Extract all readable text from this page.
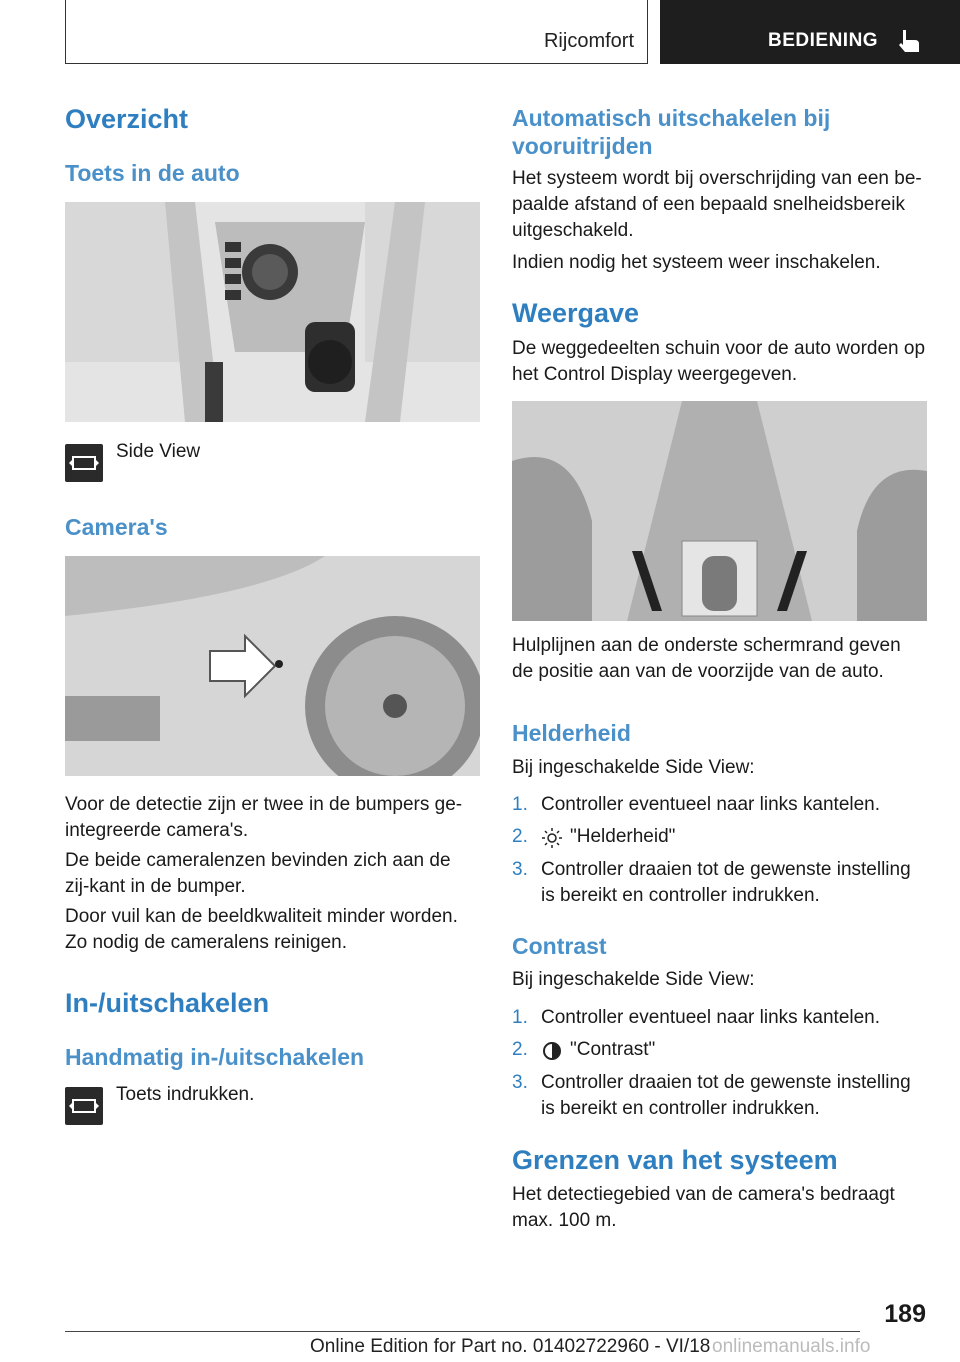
Rijcomfort	BEDIENING
Overzicht
Toets in de auto
Side View
Camera's
Voor de detectie zijn er twee in de bumpers ge-integreerde camera's.
De beide cameralenzen bevinden zich aan de zij-kant in de bumper.
Door vuil kan de beeldkwaliteit minder worden. Zo nodig de cameralens reinigen.
In-/uitschakelen
Handmatig in-/uitschakelen
Toets indrukken.
Automatisch uitschakelen bij vooruitrijden
Het systeem wordt bij overschrijding van een be-paalde afstand of een bepaald snelheidsbereik uitgeschakeld.
Indien nodig het systeem weer inschakelen.
Weergave
De weggedeelten schuin voor de auto worden op het Control Display weergegeven.
Hulplijnen aan de onderste schermrand geven de positie aan van de voorzijde van de auto.
Helderheid
Bij ingeschakelde Side View:
1. Controller eventueel naar links kantelen.
2. "Helderheid"
3. Controller draaien tot de gewenste instelling is bereikt en controller indrukken.
Contrast
Bij ingeschakelde Side View:
1. Controller eventueel naar links kantelen.
2. "Contrast"
3. Controller draaien tot de gewenste instelling is bereikt en controller indrukken.
Grenzen van het systeem
Het detectiegebied van de camera's bedraagt max. 100 m.
189
Online Edition for Part no. 01402722960 - VI/18 onlinemanuals.info
